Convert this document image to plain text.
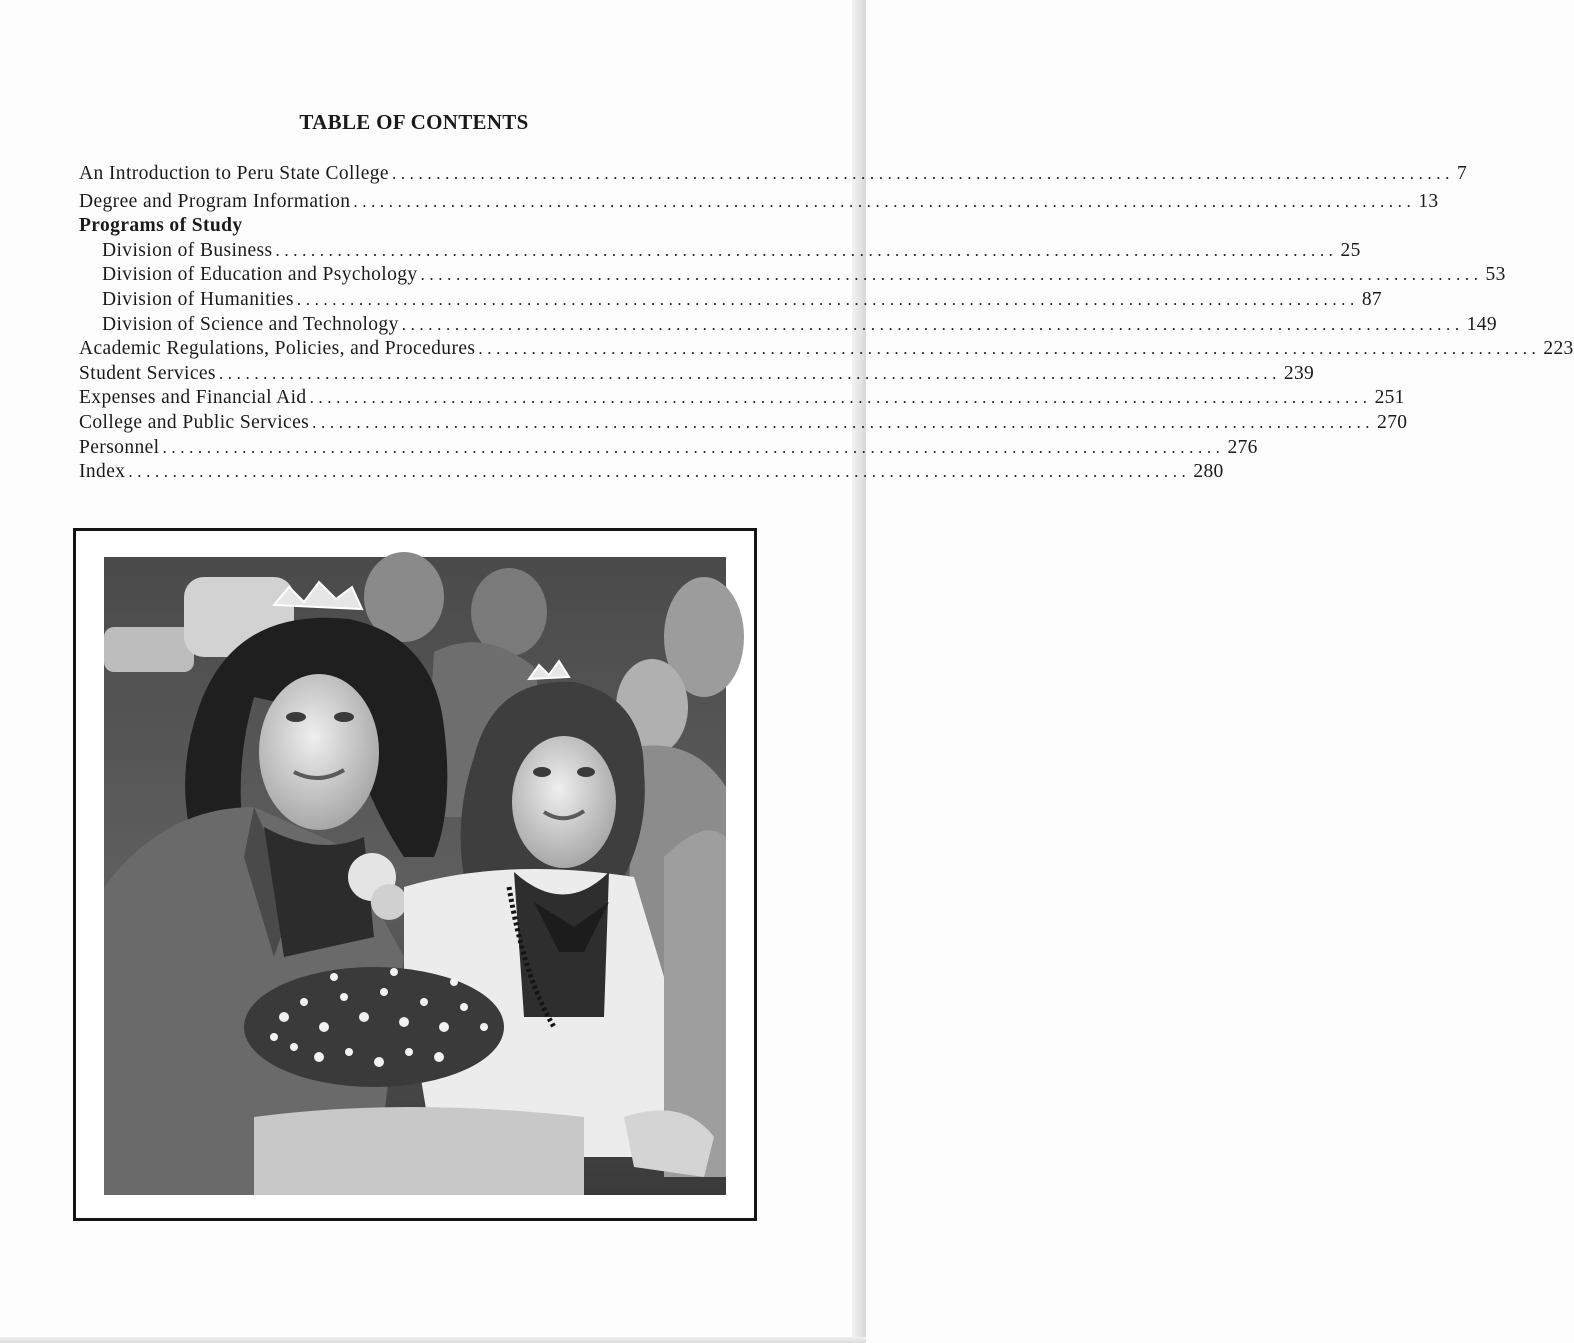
TABLE OF CONTENTS
An Introduction to Peru State College ........................................................................................................................ 7
Degree and Program Information ........................................................................................................................ 13
Programs of Study
Division of Business ........................................................................................................................ 25
Division of Education and Psychology ........................................................................................................................ 53
Division of Humanities ........................................................................................................................ 87
Division of Science and Technology ........................................................................................................................ 149
Academic Regulations, Policies, and Procedures ........................................................................................................................ 223
Student Services ........................................................................................................................ 239
Expenses and Financial Aid ........................................................................................................................ 251
College and Public Services ........................................................................................................................ 270
Personnel ........................................................................................................................ 276
Index ........................................................................................................................ 280
